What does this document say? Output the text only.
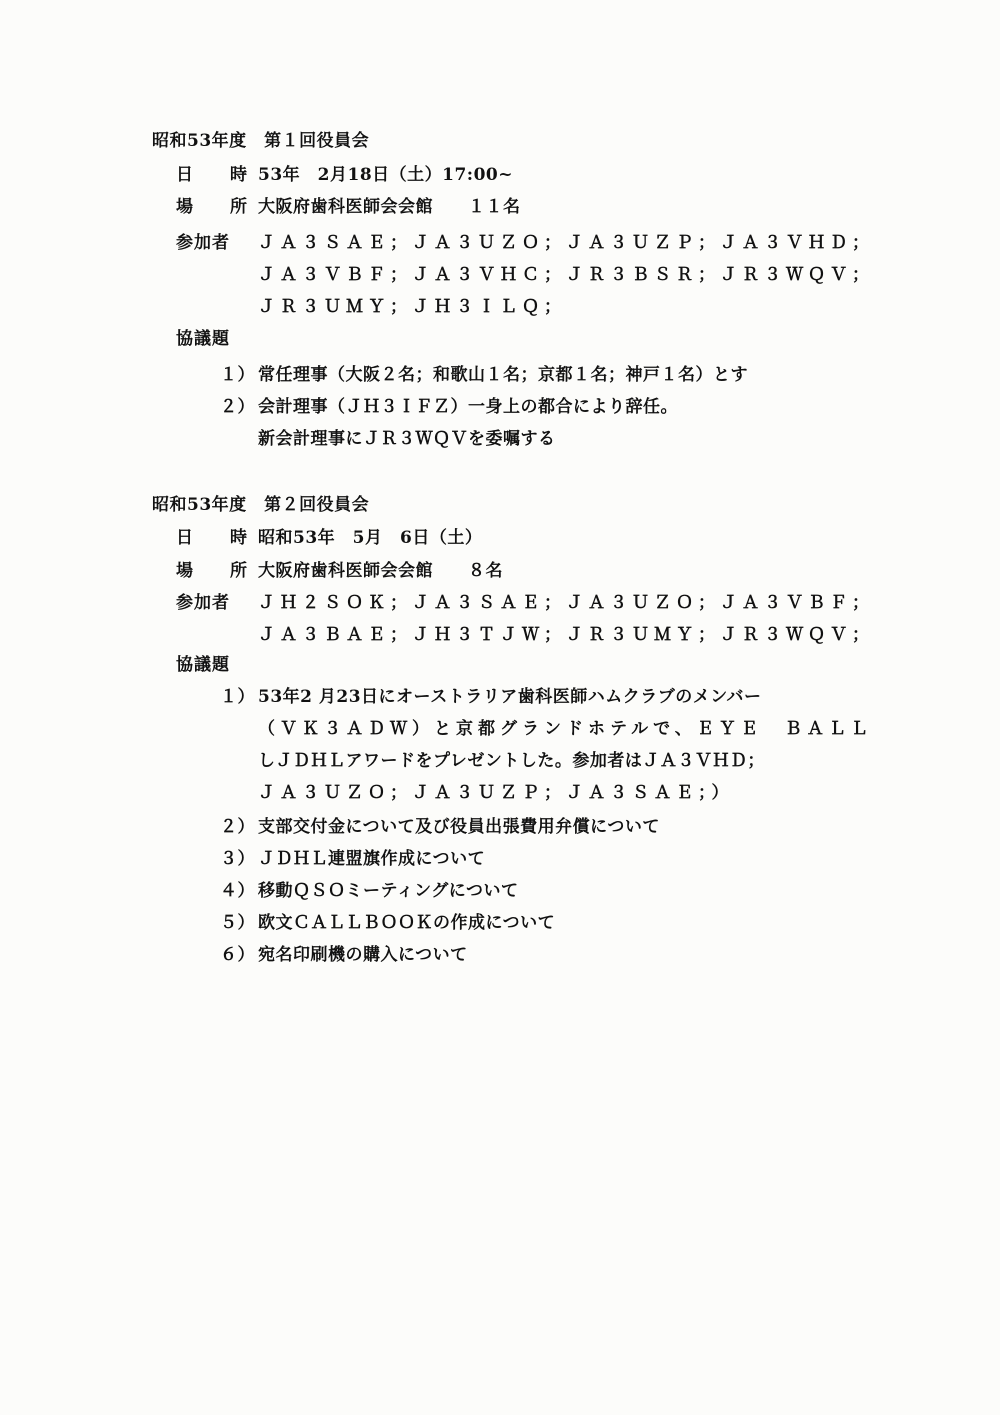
昭和53年度　第１回役員会
日　時 53年　2月18日（土）17:00~
場　所 大阪府歯科医師会会館　　１１名
参加者 ＪＡ３ＳＡＥ；ＪＡ３ＵＺＯ；ＪＡ３ＵＺＰ；ＪＡ３ＶＨＤ；
ＪＡ３ＶＢＦ；ＪＡ３ＶＨＣ；ＪＲ３ＢＳＲ；ＪＲ３ＷＱＶ；
ＪＲ３ＵＭＹ；ＪＨ３ＩＬＱ；
協議題
１） 常任理事（大阪２名；和歌山１名；京都１名；神戸１名）とす
２） 会計理事（ＪＨ３ＩＦＺ）一身上の都合により辞任。
新会計理事にＪＲ３ＷＱＶを委嘱する
昭和53年度　第２回役員会
日　時 昭和53年　5月　6日（土）
場　所 大阪府歯科医師会会館　　８名
参加者 ＪＨ２ＳＯＫ；ＪＡ３ＳＡＥ；ＪＡ３ＵＺＯ；ＪＡ３ＶＢＦ；
ＪＡ３ＢＡＥ；ＪＨ３ＴＪＷ；ＪＲ３ＵＭＹ；ＪＲ３ＷＱＶ；
協議題
１） 53年2 月23日にオーストラリア歯科医師ハムクラブのメンバー
（ＶＫ３ＡＤＷ）と京都グランドホテルで、ＥＹＥ　ＢＡＬＬ
しＪＤＨＬアワードをプレゼントした。参加者はＪＡ３ＶＨＤ；
ＪＡ３ＵＺＯ；ＪＡ３ＵＺＰ；ＪＡ３ＳＡＥ；）
２） 支部交付金について及び役員出張費用弁償について
３） ＪＤＨＬ連盟旗作成について
４） 移動ＱＳＯミーティングについて
５） 欧文ＣＡＬＬＢＯＯＫの作成について
６） 宛名印刷機の購入について
